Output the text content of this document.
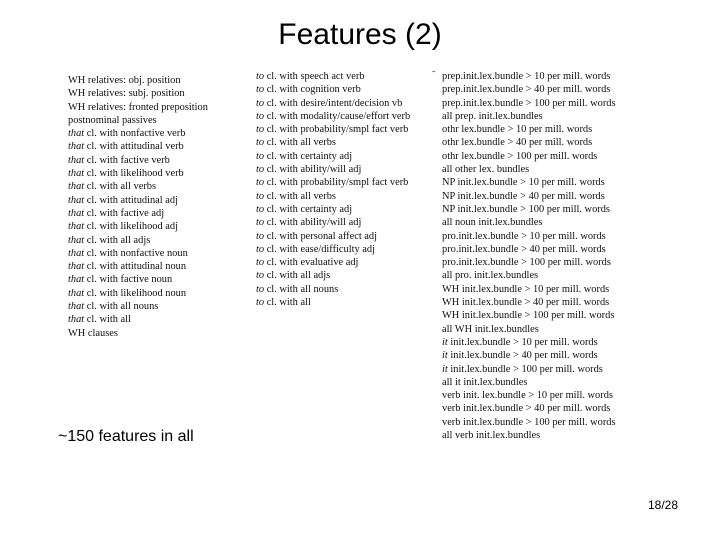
Features (2)
˜
WH relatives: obj. position
WH relatives: subj. position
WH relatives: fronted preposition
postnominal passives
that cl. with nonfactive verb
that cl. with attitudinal verb
that cl. with factive verb
that cl. with likelihood verb
that cl. with all verbs
that cl. with attitudinal adj
that cl. with factive adj
that cl. with likelihood adj
that cl. with all adjs
that cl. with nonfactive noun
that cl. with attitudinal noun
that cl. with factive noun
that cl. with likelihood noun
that cl. with all nouns
that cl. with all
WH clauses
to cl. with speech act verb
to cl. with cognition verb
to cl. with desire/intent/decision vb
to cl. with modality/cause/effort verb
to cl. with probability/smpl fact verb
to cl. with all verbs
to cl. with certainty adj
to cl. with ability/will adj
to cl. with probability/smpl fact verb
to cl. with all verbs
to cl. with certainty adj
to cl. with ability/will adj
to cl. with personal affect adj
to cl. with ease/difficulty adj
to cl. with evaluative adj
to cl. with all adjs
to cl. with all nouns
to cl. with all
prep.init.lex.bundle > 10 per mill. words
prep.init.lex.bundle > 40 per mill. words
prep.init.lex.bundle > 100 per mill. words
all prep. init.lex.bundles
othr lex.bundle > 10 per mill. words
othr lex.bundle > 40 per mill. words
othr lex.bundle > 100 per mill. words
all other lex. bundles
NP init.lex.bundle > 10 per mill. words
NP init.lex.bundle > 40 per mill. words
NP init.lex.bundle > 100 per mill. words
all noun init.lex.bundles
pro.init.lex.bundle > 10 per mill. words
pro.init.lex.bundle > 40 per mill. words
pro.init.lex.bundle > 100 per mill. words
all pro. init.lex.bundles
WH init.lex.bundle > 10 per mill. words
WH init.lex.bundle > 40 per mill. words
WH init.lex.bundle > 100 per mill. words
all WH init.lex.bundles
it init.lex.bundle > 10 per mill. words
it init.lex.bundle > 40 per mill. words
it init.lex.bundle > 100 per mill. words
all it init.lex.bundles
verb init. lex.bundle > 10 per mill. words
verb init.lex.bundle > 40 per mill. words
verb init.lex.bundle > 100 per mill. words
all verb init.lex.bundles
~150 features in all
18/28
